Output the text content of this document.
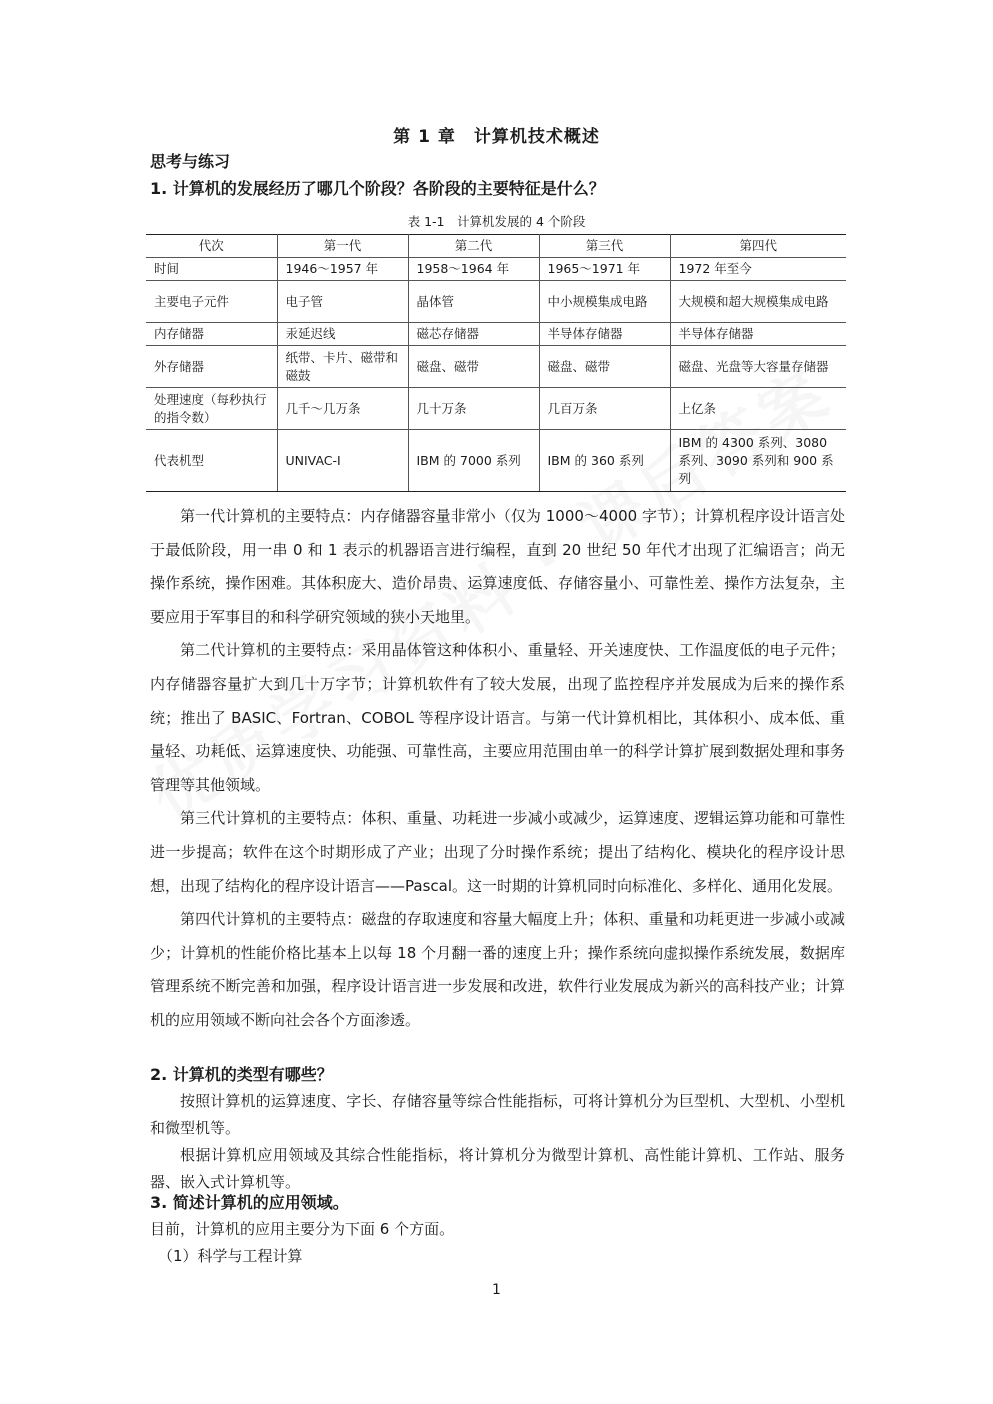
第 1 章　计算机技术概述
思考与练习
1. 计算机的发展经历了哪几个阶段？各阶段的主要特征是什么？
表 1-1　计算机发展的 4 个阶段
代次	第一代	第二代	第三代	第四代
时间	1946～1957 年	1958～1964 年	1965～1971 年	1972 年至今
主要电子元件	电子管	晶体管	中小规模集成电路	大规模和超大规模集成电路
内存储器	汞延迟线	磁芯存储器	半导体存储器	半导体存储器
外存储器	纸带、卡片、磁带和磁鼓	磁盘、磁带	磁盘、磁带	磁盘、光盘等大容量存储器
处理速度（每秒执行的指令数）	几千～几万条	几十万条	几百万条	上亿条
代表机型	UNIVAC-I	IBM 的 7000 系列	IBM 的 360 系列	IBM 的 4300 系列、3080 系列、3090 系列和 900 系列

第一代计算机的主要特点：内存储器容量非常小（仅为 1000～4000 字节）；计算机程序设计语言处于最低阶段，用一串 0 和 1 表示的机器语言进行编程，直到 20 世纪 50 年代才出现了汇编语言；尚无操作系统，操作困难。其体积庞大、造价昂贵、运算速度低、存储容量小、可靠性差、操作方法复杂，主要应用于军事目的和科学研究领域的狭小天地里。

第二代计算机的主要特点：采用晶体管这种体积小、重量轻、开关速度快、工作温度低的电子元件；内存储器容量扩大到几十万字节；计算机软件有了较大发展，出现了监控程序并发展成为后来的操作系统；推出了 BASIC、Fortran、COBOL 等程序设计语言。与第一代计算机相比，其体积小、成本低、重量轻、功耗低、运算速度快、功能强、可靠性高，主要应用范围由单一的科学计算扩展到数据处理和事务管理等其他领域。

第三代计算机的主要特点：体积、重量、功耗进一步减小或减少，运算速度、逻辑运算功能和可靠性进一步提高；软件在这个时期形成了产业；出现了分时操作系统；提出了结构化、模块化的程序设计思想，出现了结构化的程序设计语言——Pascal。这一时期的计算机同时向标准化、多样化、通用化发展。

第四代计算机的主要特点：磁盘的存取速度和容量大幅度上升；体积、重量和功耗更进一步减小或减少；计算机的性能价格比基本上以每 18 个月翻一番的速度上升；操作系统向虚拟操作系统发展，数据库管理系统不断完善和加强，程序设计语言进一步发展和改进，软件行业发展成为新兴的高科技产业；计算机的应用领域不断向社会各个方面渗透。

2. 计算机的类型有哪些？

按照计算机的运算速度、字长、存储容量等综合性能指标，可将计算机分为巨型机、大型机、小型机和微型机等。

根据计算机应用领域及其综合性能指标，将计算机分为微型计算机、高性能计算机、工作站、服务器、嵌入式计算机等。

3. 简述计算机的应用领域。

目前，计算机的应用主要分为下面 6 个方面。

（1）科学与工程计算

1
